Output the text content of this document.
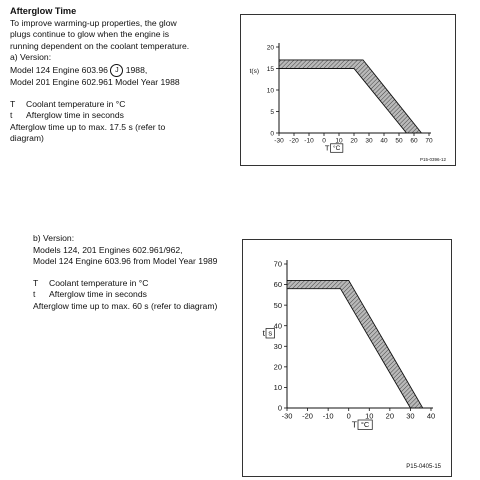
Afterglow Time

To improve warming-up properties, the glow

plugs continue to glow when the engine is

running dependent on the coolant temperature.

a) Version:

Model 124 Engine 603.96 J 1988,

Model 201 Engine 602.961 Model Year 1988

T Coolant temperature in °C

t Afterglow time in seconds

Afterglow time up to max. 17.5 s (refer to

diagram)	-30 -20 -10 0 10 20 30 40 50 60 70
0
5
10
15
20
T °C
t(s)
P15-0396-12

b) Version:

Models 124, 201 Engines 602.961/962,

Model 124 Engine 603.96 from Model Year 1989

T Coolant temperature in °C

t Afterglow time in seconds

Afterglow time up to max. 60 s (refer to diagram)

-30 -20 -10 0 10 20 30 40
0
10
20
30
40
50
60
70
T °C
t s
P15-0405-15
